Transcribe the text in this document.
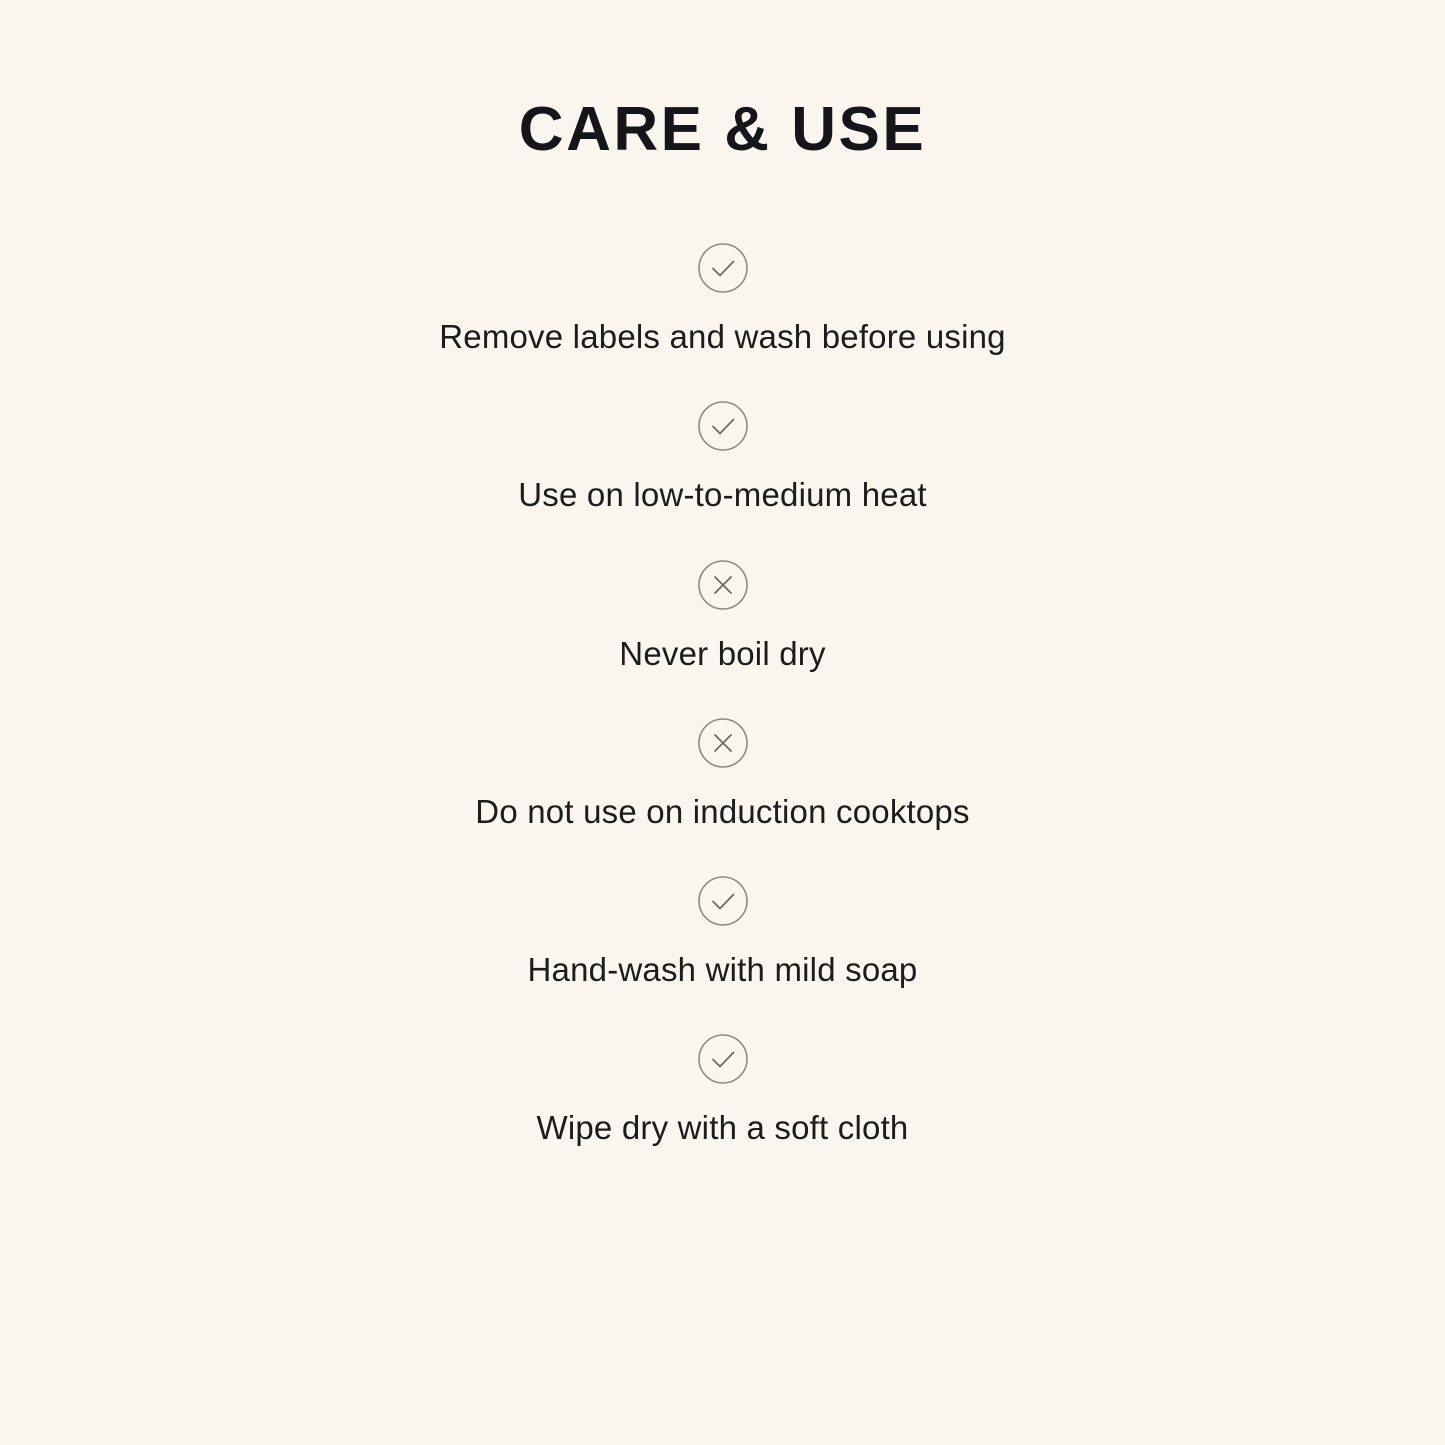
CARE & USE
Remove labels and wash before using
Use on low-to-medium heat
Never boil dry
Do not use on induction cooktops
Hand-wash with mild soap
Wipe dry with a soft cloth
